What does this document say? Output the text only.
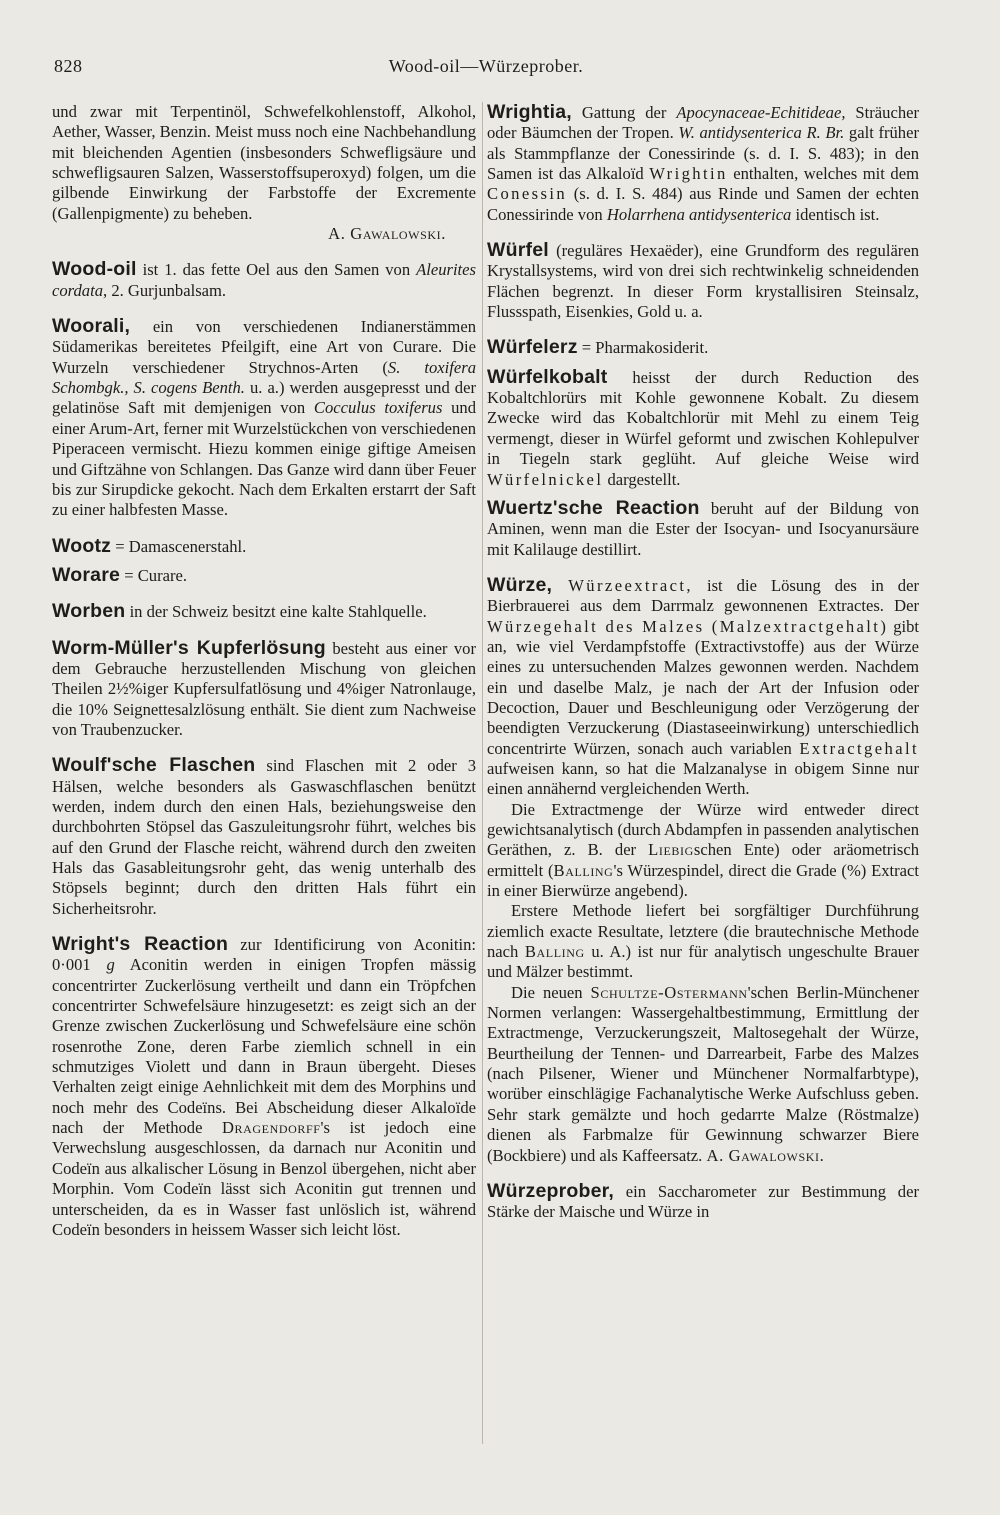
828	Wood-oil—Würzeprober.

und zwar mit Terpentinöl, Schwefelkohlenstoff, Alkohol, Aether, Wasser, Benzin. Meist muss noch eine Nachbehandlung mit bleichenden Agentien (insbesonders Schwefligsäure und schwefligsauren Salzen, Wasserstoffsuperoxyd) folgen, um die gilbende Einwirkung der Farbstoffe der Excremente (Gallenpigmente) zu beheben.

A. Gawalowski.

Wood-oil ist 1. das fette Oel aus den Samen von Aleurites cordata, 2. Gurjunbalsam.

Woorali, ein von verschiedenen Indianerstämmen Südamerikas bereitetes Pfeilgift, eine Art von Curare. Die Wurzeln verschiedener Strychnos-Arten (S. toxifera Schombgk., S. cogens Benth. u. a.) werden ausgepresst und der gelatinöse Saft mit demjenigen von Cocculus toxiferus und einer Arum-Art, ferner mit Wurzelstückchen von verschiedenen Piperaceen vermischt. Hiezu kommen einige giftige Ameisen und Giftzähne von Schlangen. Das Ganze wird dann über Feuer bis zur Sirupdicke gekocht. Nach dem Erkalten erstarrt der Saft zu einer halbfesten Masse.

Wootz = Damascenerstahl.

Worare = Curare.

Worben in der Schweiz besitzt eine kalte Stahlquelle.

Worm-Müller's Kupferlösung besteht aus einer vor dem Gebrauche herzustellenden Mischung von gleichen Theilen 2½%iger Kupfersulfatlösung und 4%iger Natronlauge, die 10% Seignettesalzlösung enthält. Sie dient zum Nachweise von Traubenzucker.

Woulf'sche Flaschen sind Flaschen mit 2 oder 3 Hälsen, welche besonders als Gaswaschflaschen benützt werden, indem durch den einen Hals, beziehungsweise den durchbohrten Stöpsel das Gaszuleitungsrohr führt, welches bis auf den Grund der Flasche reicht, während durch den zweiten Hals das Gasableitungsrohr geht, das wenig unterhalb des Stöpsels beginnt; durch den dritten Hals führt ein Sicherheitsrohr.

Wright's Reaction zur Identificirung von Aconitin: 0·001 g Aconitin werden in einigen Tropfen mässig concentrirter Zuckerlösung vertheilt und dann ein Tröpfchen concentrirter Schwefelsäure hinzugesetzt: es zeigt sich an der Grenze zwischen Zuckerlösung und Schwefelsäure eine schön rosenrothe Zone, deren Farbe ziemlich schnell in ein schmutziges Violett und dann in Braun übergeht. Dieses Verhalten zeigt einige Aehnlichkeit mit dem des Morphins und noch mehr des Codeïns. Bei Abscheidung dieser Alkaloïde nach der Methode Dragendorff's ist jedoch eine Verwechslung ausgeschlossen, da darnach nur Aconitin und Codeïn aus alkalischer Lösung in Benzol übergehen, nicht aber Morphin. Vom Codeïn lässt sich Aconitin gut trennen und unterscheiden, da es in Wasser fast unlöslich ist, während Codeïn besonders in heissem Wasser sich leicht löst.

Wrightia, Gattung der Apocynaceae-Echitideae, Sträucher oder Bäumchen der Tropen. W. antidysenterica R. Br. galt früher als Stammpflanze der Conessirinde (s. d. I. S. 483); in den Samen ist das Alkaloïd Wrightin enthalten, welches mit dem Conessin (s. d. I. S. 484) aus Rinde und Samen der echten Conessirinde von Holarrhena antidysenterica identisch ist.

Würfel (reguläres Hexaëder), eine Grundform des regulären Krystallsystems, wird von drei sich rechtwinkelig schneidenden Flächen begrenzt. In dieser Form krystallisiren Steinsalz, Flussspath, Eisenkies, Gold u. a.

Würfelerz = Pharmakosiderit.

Würfelkobalt heisst der durch Reduction des Kobaltchlorürs mit Kohle gewonnene Kobalt. Zu diesem Zwecke wird das Kobaltchlorür mit Mehl zu einem Teig vermengt, dieser in Würfel geformt und zwischen Kohlepulver in Tiegeln stark geglüht. Auf gleiche Weise wird Würfelnickel dargestellt.

Wuertz'sche Reaction beruht auf der Bildung von Aminen, wenn man die Ester der Isocyan- und Isocyanursäure mit Kalilauge destillirt.

Würze, Würzeextract, ist die Lösung des in der Bierbrauerei aus dem Darrmalz gewonnenen Extractes. Der Würzegehalt des Malzes (Malzextractgehalt) gibt an, wie viel Verdampfstoffe (Extractivstoffe) aus der Würze eines zu untersuchenden Malzes gewonnen werden. Nachdem ein und daselbe Malz, je nach der Art der Infusion oder Decoction, Dauer und Beschleunigung oder Verzögerung der beendigten Verzuckerung (Diastaseeinwirkung) unterschiedlich concentrirte Würzen, sonach auch variablen Extractgehalt aufweisen kann, so hat die Malzanalyse in obigem Sinne nur einen annähernd vergleichenden Werth.

Die Extractmenge der Würze wird entweder direct gewichtsanalytisch (durch Abdampfen in passenden analytischen Geräthen, z. B. der Liebigschen Ente) oder aräometrisch ermittelt (Balling's Würzespindel, direct die Grade (%) Extract in einer Bierwürze angebend).

Erstere Methode liefert bei sorgfältiger Durchführung ziemlich exacte Resultate, letztere (die brautechnische Methode nach Balling u. A.) ist nur für analytisch ungeschulte Brauer und Mälzer bestimmt.

Die neuen Schultze-Ostermann'schen Berlin-Münchener Normen verlangen: Wassergehaltbestimmung, Ermittlung der Extractmenge, Verzuckerungszeit, Maltosegehalt der Würze, Beurtheilung der Tennen- und Darrearbeit, Farbe des Malzes (nach Pilsener, Wiener und Münchener Normalfarbtype), worüber einschlägige Fachanalytische Werke Aufschluss geben. Sehr stark gemälzte und hoch gedarrte Malze (Röstmalze) dienen als Farbmalze für Gewinnung schwarzer Biere (Bockbiere) und als Kaffeersatz. A. Gawalowski.

Würzeprober, ein Saccharometer zur Bestimmung der Stärke der Maische und Würze in
